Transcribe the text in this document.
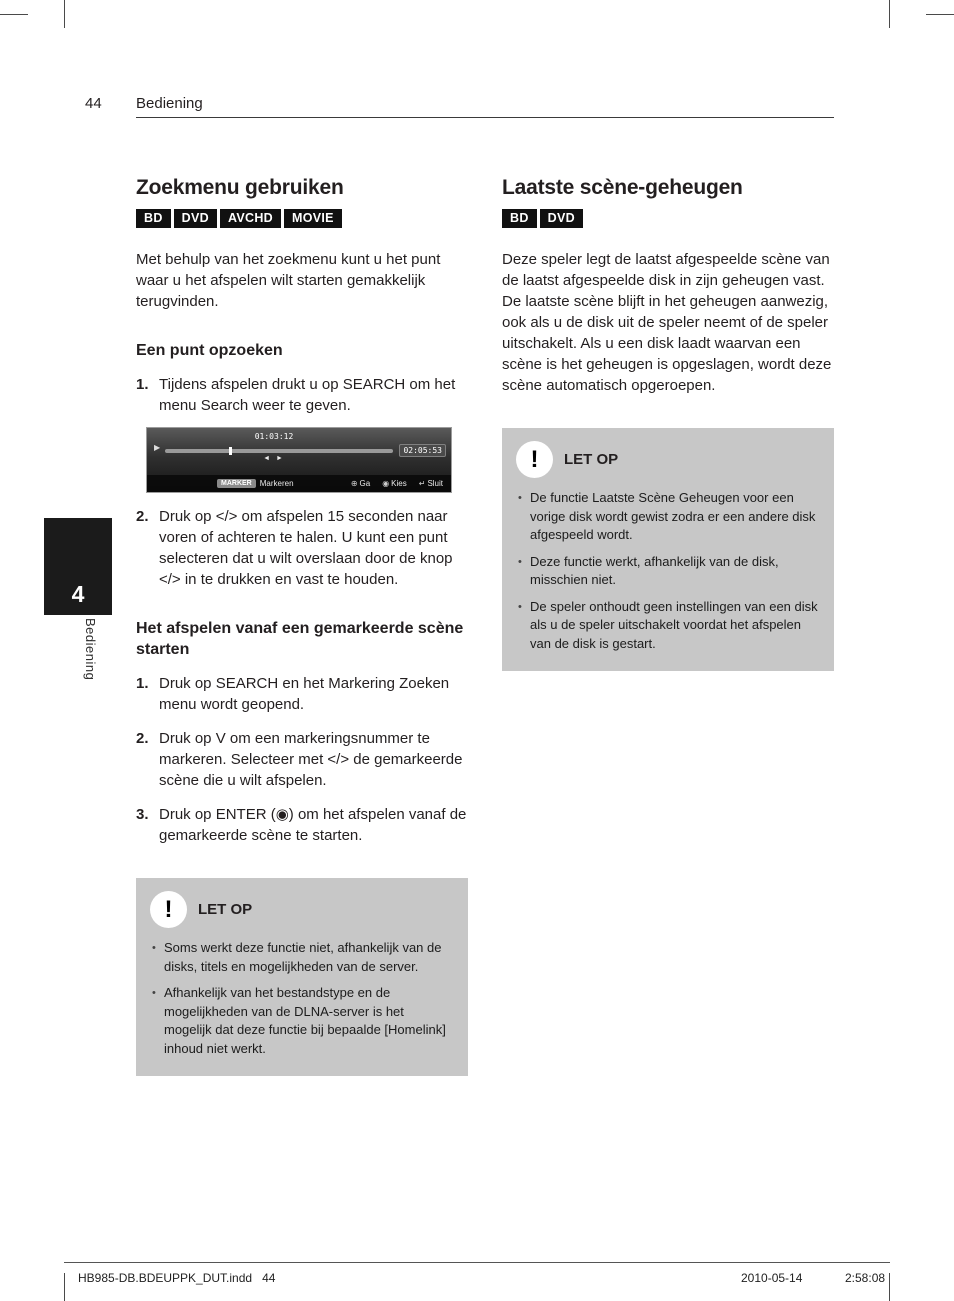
44 Bediening
Zoekmenu gebruiken
BD	DVD	AVCHD	MOVIE

Met behulp van het zoekmenu kunt u het punt waar u het afspelen wilt starten gemakkelijk terugvinden.

Een punt opzoeken
1. Tijdens afspelen drukt u op SEARCH om het menu Search weer te geven.
01:03:12
▶
◄ ►
02:05:53
MARKER	Markeren	⊕ Ga ◉ Kies ↵ Sluit
2. Druk op </> om afspelen 15 seconden naar voren of achteren te halen. U kunt een punt selecteren dat u wilt overslaan door de knop </> in te drukken en vast te houden.
Het afspelen vanaf een gemarkeerde scène starten
1. Druk op SEARCH en het Markering Zoeken menu wordt geopend.
2. Druk op V om een markeringsnummer te markeren. Selecteer met </> de gemarkeerde scène die u wilt afspelen.
3. Druk op ENTER (◉) om het afspelen vanaf de gemarkeerde scène te starten.
!	LET OP
• Soms werkt deze functie niet, afhankelijk van de disks, titels en mogelijkheden van de server.
• Afhankelijk van het bestandstype en de mogelijkheden van de DLNA-server is het mogelijk dat deze functie bij bepaalde [Homelink] inhoud niet werkt.
Laatste scène-geheugen
BD	DVD

Deze speler legt de laatst afgespeelde scène van de laatst afgespeelde disk in zijn geheugen vast. De laatste scène blijft in het geheugen aanwezig, ook als u de disk uit de speler neemt of de speler uitschakelt. Als u een disk laadt waarvan een scène is het geheugen is opgeslagen, wordt deze scène automatisch opgeroepen.

!	LET OP
• De functie Laatste Scène Geheugen voor een vorige disk wordt gewist zodra er een andere disk afgespeeld wordt.
• Deze functie werkt, afhankelijk van de disk, misschien niet.
• De speler onthoudt geen instellingen van een disk als u de speler uitschakelt voordat het afspelen van de disk is gestart.
4
Bediening
HB985-DB.BDEUPPK_DUT.indd   44	2010-05-14	2:58:08
